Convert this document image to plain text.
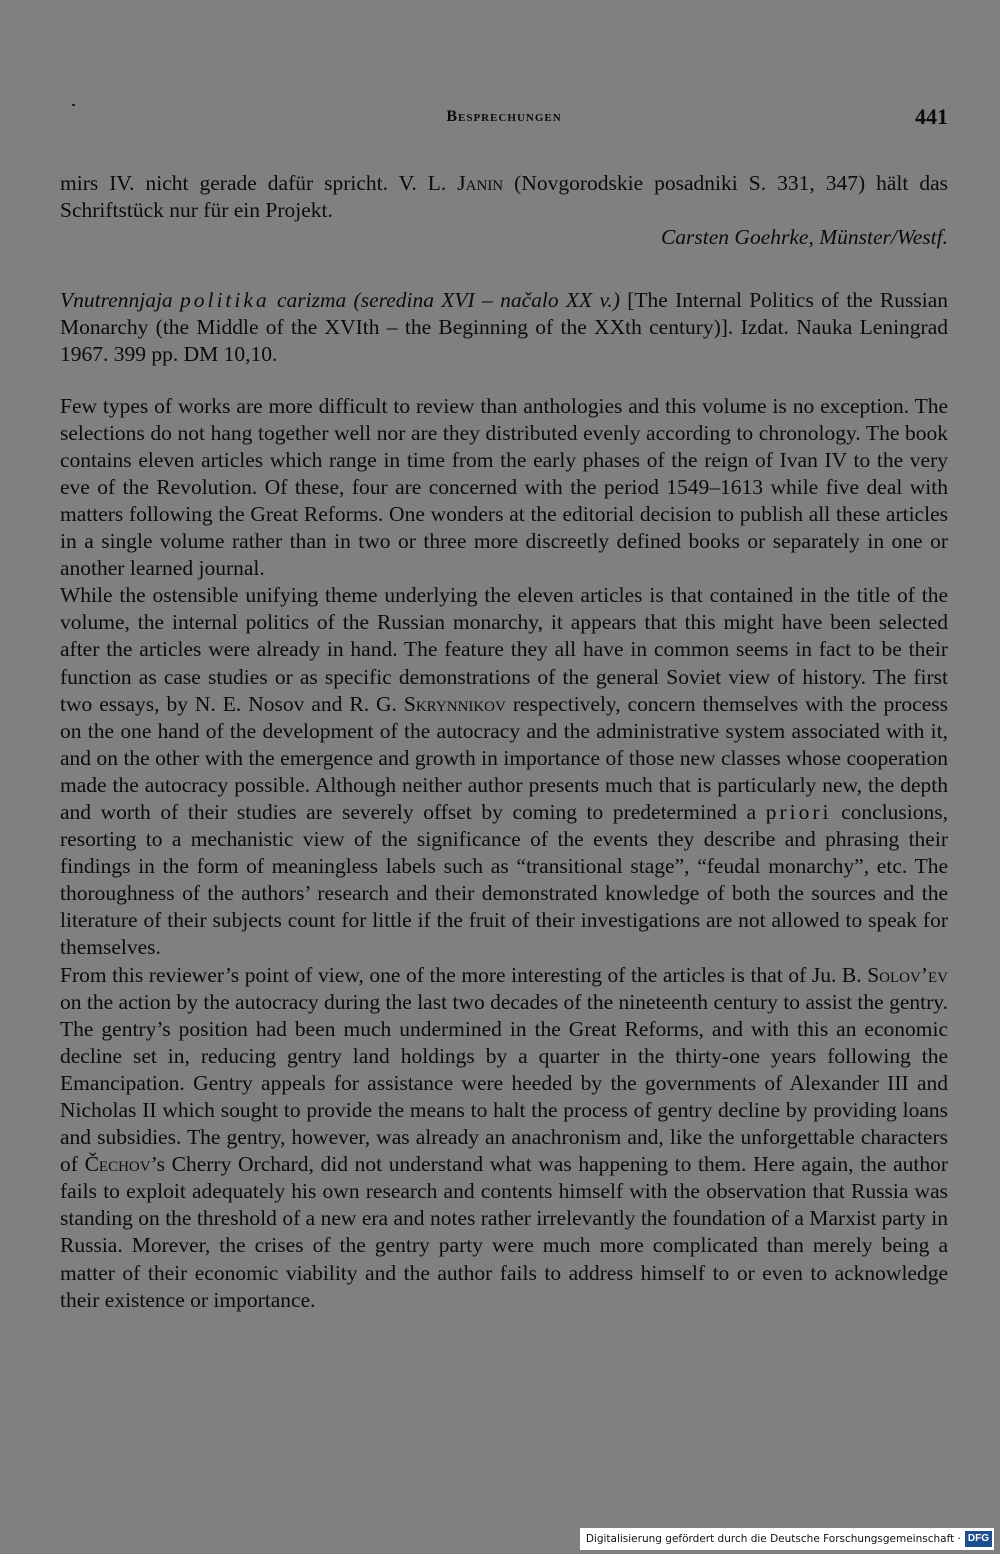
Besprechungen	441

mirs IV. nicht gerade dafür spricht. V. L. Janin (Novgorodskie posadniki S. 331, 347) hält das Schriftstück nur für ein Projekt.

Carsten Goehrke, Münster/Westf.

Vnutrennjaja politika carizma (seredina XVI – načalo XX v.) [The Internal Politics of the Russian Monarchy (the Middle of the XVIth – the Beginning of the XXth century)]. Izdat. Nauka Leningrad 1967. 399 pp. DM 10,10.

Few types of works are more difficult to review than anthologies and this volume is no exception. The selections do not hang together well nor are they distributed evenly according to chronology. The book contains eleven articles which range in time from the early phases of the reign of Ivan IV to the very eve of the Revolution. Of these, four are concerned with the period 1549–1613 while five deal with matters following the Great Reforms. One wonders at the editorial decision to publish all these articles in a single volume rather than in two or three more discreetly defined books or separately in one or another learned journal.

While the ostensible unifying theme underlying the eleven articles is that contained in the title of the volume, the internal politics of the Russian monarchy, it appears that this might have been selected after the articles were already in hand. The feature they all have in common seems in fact to be their function as case studies or as specific demonstrations of the general Soviet view of history. The first two essays, by N. E. Nosov and R. G. Skrynnikov respectively, concern themselves with the process on the one hand of the development of the autocracy and the administrative system associated with it, and on the other with the emergence and growth in importance of those new classes whose cooperation made the autocracy possible. Although neither author presents much that is particularly new, the depth and worth of their studies are severely offset by coming to predetermined a priori conclusions, resorting to a mechanistic view of the significance of the events they describe and phrasing their findings in the form of meaningless labels such as “transitional stage”, “feudal monarchy”, etc. The thoroughness of the authors’ research and their demonstrated knowledge of both the sources and the literature of their subjects count for little if the fruit of their investigations are not allowed to speak for themselves.

From this reviewer’s point of view, one of the more interesting of the articles is that of Ju. B. Solov’ev on the action by the autocracy during the last two decades of the nineteenth century to assist the gentry. The gentry’s position had been much undermined in the Great Reforms, and with this an economic decline set in, reducing gentry land holdings by a quarter in the thirty-one years following the Emancipation. Gentry appeals for assistance were heeded by the governments of Alexander III and Nicholas II which sought to provide the means to halt the process of gentry decline by providing loans and subsidies. The gentry, however, was already an anachronism and, like the unforgettable characters of Čechov’s Cherry Orchard, did not understand what was happening to them. Here again, the author fails to exploit adequately his own research and contents himself with the observation that Russia was standing on the threshold of a new era and notes rather irrelevantly the foundation of a Marxist party in Russia. Morever, the crises of the gentry party were much more complicated than merely being a matter of their economic viability and the author fails to address himself to or even to acknowledge their existence or importance.

Digitalisierung gefördert durch die Deutsche Forschungsgemeinschaft · DFG
